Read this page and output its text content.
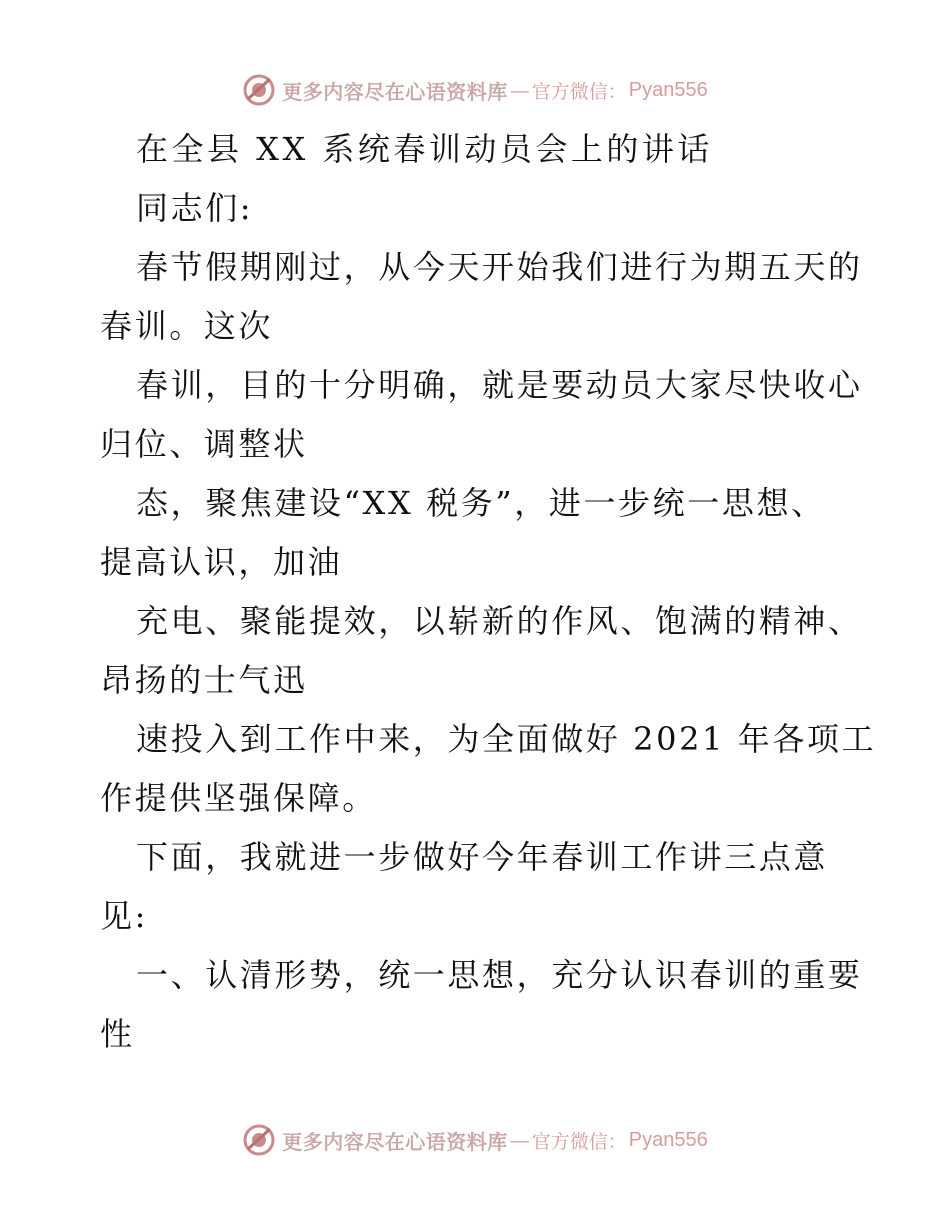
更多内容尽在心语资料库 — 官方微信： Pyan556
在全县 XX 系统春训动员会上的讲话
同志们:
春节假期刚过，从今天开始我们进行为期五天的
春训。这次
春训，目的十分明确，就是要动员大家尽快收心
归位、调整状
态，聚焦建设“XX 税务”，进一步统一思想、
提高认识，加油
充电、聚能提效，以崭新的作风、饱满的精神、
昂扬的士气迅
速投入到工作中来，为全面做好 2021 年各项工
作提供坚强保障。
下面，我就进一步做好今年春训工作讲三点意
见:
一、认清形势，统一思想，充分认识春训的重要
性
更多内容尽在心语资料库 — 官方微信： Pyan556
